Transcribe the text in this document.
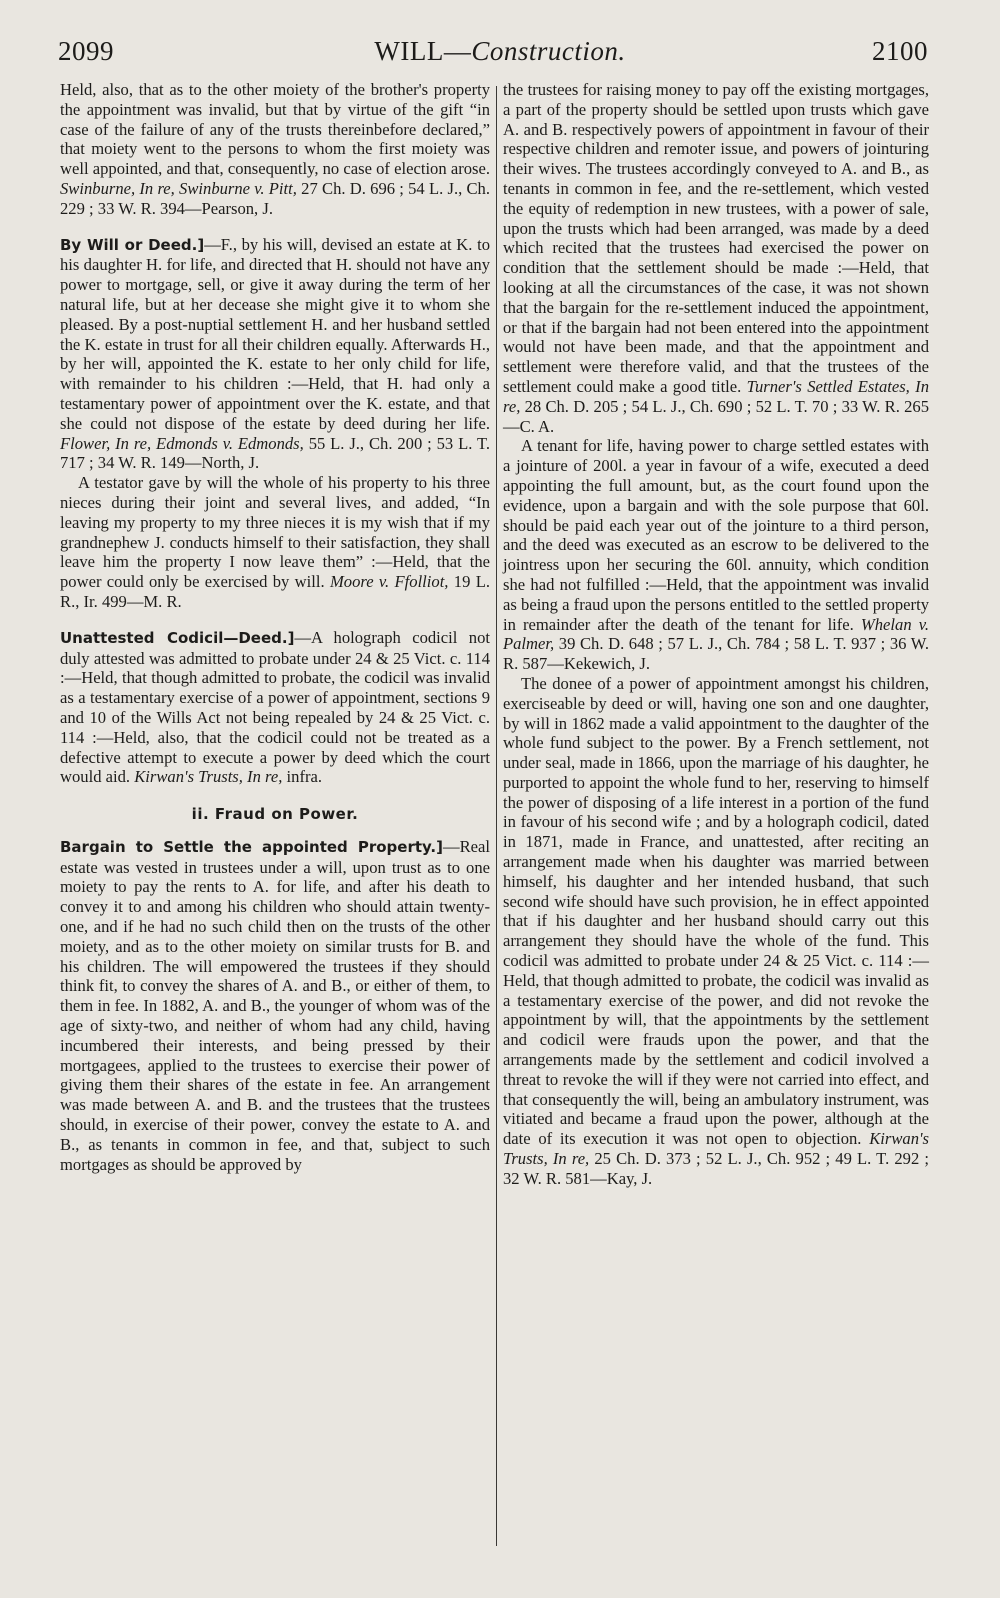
2099	WILL—Construction.	2100

Held, also, that as to the other moiety of the brother's property the appointment was invalid, but that by virtue of the gift “in case of the failure of any of the trusts thereinbefore declared,” that moiety went to the persons to whom the first moiety was well appointed, and that, consequently, no case of election arose. Swinburne, In re, Swinburne v. Pitt, 27 Ch. D. 696 ; 54 L. J., Ch. 229 ; 33 W. R. 394—Pearson, J.

By Will or Deed.]—F., by his will, devised an estate at K. to his daughter H. for life, and directed that H. should not have any power to mortgage, sell, or give it away during the term of her natural life, but at her decease she might give it to whom she pleased. By a post-nuptial settlement H. and her husband settled the K. estate in trust for all their children equally. Afterwards H., by her will, appointed the K. estate to her only child for life, with remainder to his children :—Held, that H. had only a testamentary power of appointment over the K. estate, and that she could not dispose of the estate by deed during her life. Flower, In re, Edmonds v. Edmonds, 55 L. J., Ch. 200 ; 53 L. T. 717 ; 34 W. R. 149—North, J.

A testator gave by will the whole of his property to his three nieces during their joint and several lives, and added, “In leaving my property to my three nieces it is my wish that if my grandnephew J. conducts himself to their satisfaction, they shall leave him the property I now leave them” :—Held, that the power could only be exercised by will. Moore v. Ffolliot, 19 L. R., Ir. 499—M. R.

Unattested Codicil—Deed.]—A holograph codicil not duly attested was admitted to probate under 24 & 25 Vict. c. 114 :—Held, that though admitted to probate, the codicil was invalid as a testamentary exercise of a power of appointment, sections 9 and 10 of the Wills Act not being repealed by 24 & 25 Vict. c. 114 :—Held, also, that the codicil could not be treated as a defective attempt to execute a power by deed which the court would aid. Kirwan's Trusts, In re, infra.

ii. Fraud on Power.

Bargain to Settle the appointed Property.]—Real estate was vested in trustees under a will, upon trust as to one moiety to pay the rents to A. for life, and after his death to convey it to and among his children who should attain twenty-one, and if he had no such child then on the trusts of the other moiety, and as to the other moiety on similar trusts for B. and his children. The will empowered the trustees if they should think fit, to convey the shares of A. and B., or either of them, to them in fee. In 1882, A. and B., the younger of whom was of the age of sixty-two, and neither of whom had any child, having incumbered their interests, and being pressed by their mortgagees, applied to the trustees to exercise their power of giving them their shares of the estate in fee. An arrangement was made between A. and B. and the trustees that the trustees should, in exercise of their power, convey the estate to A. and B., as tenants in common in fee, and that, subject to such mortgages as should be approved by

the trustees for raising money to pay off the existing mortgages, a part of the property should be settled upon trusts which gave A. and B. respectively powers of appointment in favour of their respective children and remoter issue, and powers of jointuring their wives. The trustees accordingly conveyed to A. and B., as tenants in common in fee, and the re-settlement, which vested the equity of redemption in new trustees, with a power of sale, upon the trusts which had been arranged, was made by a deed which recited that the trustees had exercised the power on condition that the settlement should be made :—Held, that looking at all the circumstances of the case, it was not shown that the bargain for the re-settlement induced the appointment, or that if the bargain had not been entered into the appointment would not have been made, and that the appointment and settlement were therefore valid, and that the trustees of the settlement could make a good title. Turner's Settled Estates, In re, 28 Ch. D. 205 ; 54 L. J., Ch. 690 ; 52 L. T. 70 ; 33 W. R. 265—C. A.

A tenant for life, having power to charge settled estates with a jointure of 200l. a year in favour of a wife, executed a deed appointing the full amount, but, as the court found upon the evidence, upon a bargain and with the sole purpose that 60l. should be paid each year out of the jointure to a third person, and the deed was executed as an escrow to be delivered to the jointress upon her securing the 60l. annuity, which condition she had not fulfilled :—Held, that the appointment was invalid as being a fraud upon the persons entitled to the settled property in remainder after the death of the tenant for life. Whelan v. Palmer, 39 Ch. D. 648 ; 57 L. J., Ch. 784 ; 58 L. T. 937 ; 36 W. R. 587—Kekewich, J.

The donee of a power of appointment amongst his children, exerciseable by deed or will, having one son and one daughter, by will in 1862 made a valid appointment to the daughter of the whole fund subject to the power. By a French settlement, not under seal, made in 1866, upon the marriage of his daughter, he purported to appoint the whole fund to her, reserving to himself the power of disposing of a life interest in a portion of the fund in favour of his second wife ; and by a holograph codicil, dated in 1871, made in France, and unattested, after reciting an arrangement made when his daughter was married between himself, his daughter and her intended husband, that such second wife should have such provision, he in effect appointed that if his daughter and her husband should carry out this arrangement they should have the whole of the fund. This codicil was admitted to probate under 24 & 25 Vict. c. 114 :—Held, that though admitted to probate, the codicil was invalid as a testamentary exercise of the power, and did not revoke the appointment by will, that the appointments by the settlement and codicil were frauds upon the power, and that the arrangements made by the settlement and codicil involved a threat to revoke the will if they were not carried into effect, and that consequently the will, being an ambulatory instrument, was vitiated and became a fraud upon the power, although at the date of its execution it was not open to objection. Kirwan's Trusts, In re, 25 Ch. D. 373 ; 52 L. J., Ch. 952 ; 49 L. T. 292 ; 32 W. R. 581—Kay, J.
